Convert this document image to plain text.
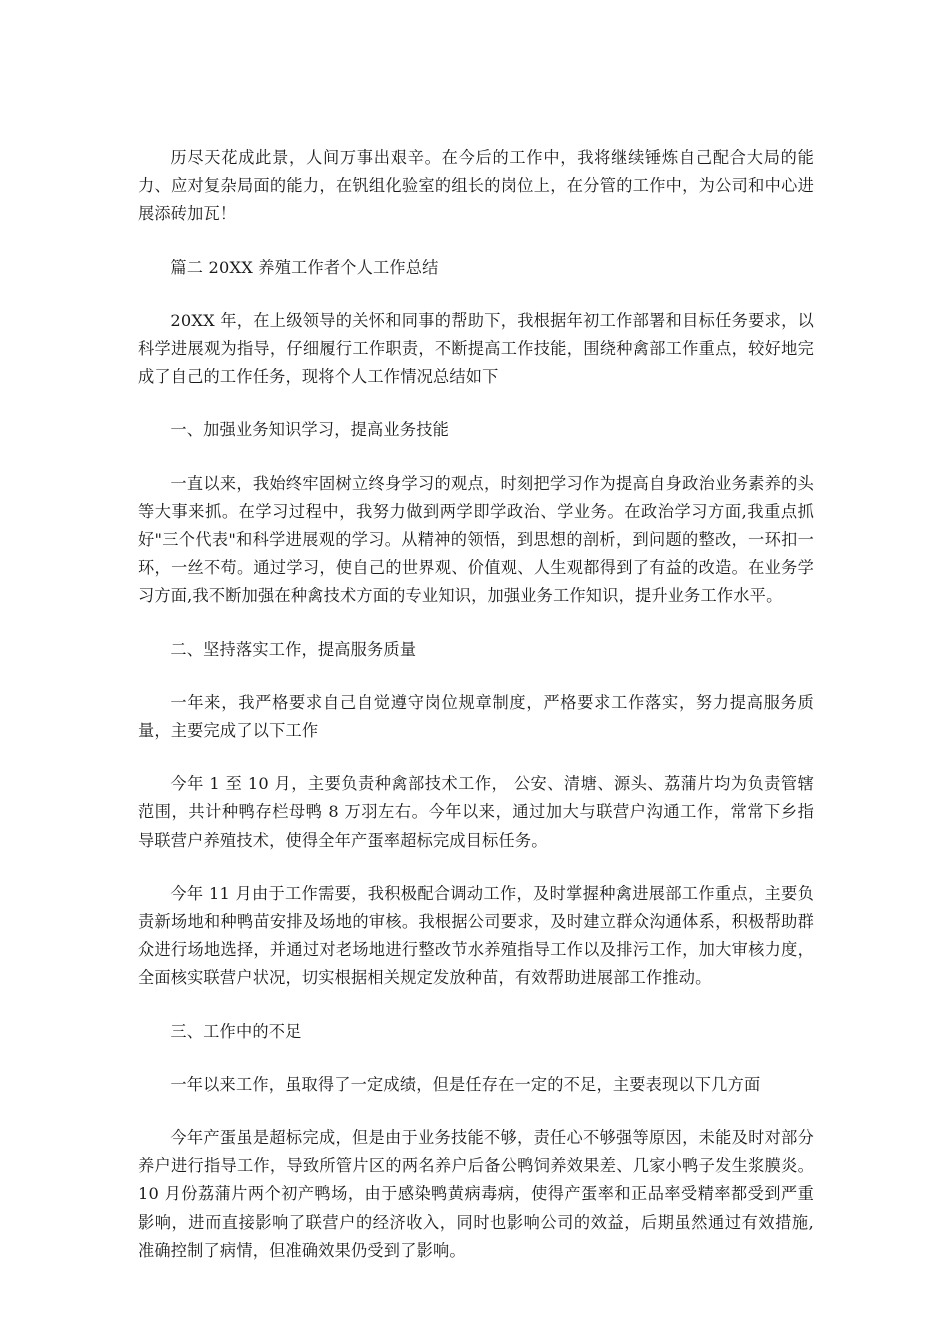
历尽天花成此景，人间万事出艰辛。在今后的工作中，我将继续锤炼自己配合大局的能力、应对复杂局面的能力，在钒组化验室的组长的岗位上，在分管的工作中，为公司和中心进展添砖加瓦！

篇二 20XX 养殖工作者个人工作总结

20XX 年，在上级领导的关怀和同事的帮助下，我根据年初工作部署和目标任务要求，以科学进展观为指导，仔细履行工作职责，不断提高工作技能，围绕种禽部工作重点，较好地完成了自己的工作任务，现将个人工作情况总结如下

一、加强业务知识学习，提高业务技能

一直以来，我始终牢固树立终身学习的观点，时刻把学习作为提高自身政治业务素养的头等大事来抓。在学习过程中，我努力做到两学即学政治、学业务。在政治学习方面,我重点抓好"三个代表"和科学进展观的学习。从精神的领悟，到思想的剖析，到问题的整改，一环扣一环，一丝不苟。通过学习，使自己的世界观、价值观、人生观都得到了有益的改造。在业务学习方面,我不断加强在种禽技术方面的专业知识，加强业务工作知识，提升业务工作水平。

二、坚持落实工作，提高服务质量

一年来，我严格要求自己自觉遵守岗位规章制度，严格要求工作落实，努力提高服务质量，主要完成了以下工作

今年 1 至 10 月，主要负责种禽部技术工作， 公安、清塘、源头、荔蒲片均为负责管辖范围，共计种鸭存栏母鸭 8 万羽左右。今年以来，通过加大与联营户沟通工作，常常下乡指导联营户养殖技术，使得全年产蛋率超标完成目标任务。

今年 11 月由于工作需要，我积极配合调动工作，及时掌握种禽进展部工作重点，主要负责新场地和种鸭苗安排及场地的审核。我根据公司要求，及时建立群众沟通体系，积极帮助群众进行场地选择，并通过对老场地进行整改节水养殖指导工作以及排污工作，加大审核力度，全面核实联营户状况，切实根据相关规定发放种苗，有效帮助进展部工作推动。

三、工作中的不足

一年以来工作，虽取得了一定成绩，但是任存在一定的不足，主要表现以下几方面

今年产蛋虽是超标完成，但是由于业务技能不够，责任心不够强等原因，未能及时对部分养户进行指导工作，导致所管片区的两名养户后备公鸭饲养效果差、几家小鸭子发生浆膜炎。10 月份荔蒲片两个初产鸭场，由于感染鸭黄病毒病，使得产蛋率和正品率受精率都受到严重影响，进而直接影响了联营户的经济收入，同时也影响公司的效益，后期虽然通过有效措施,准确控制了病情，但准确效果仍受到了影响。
